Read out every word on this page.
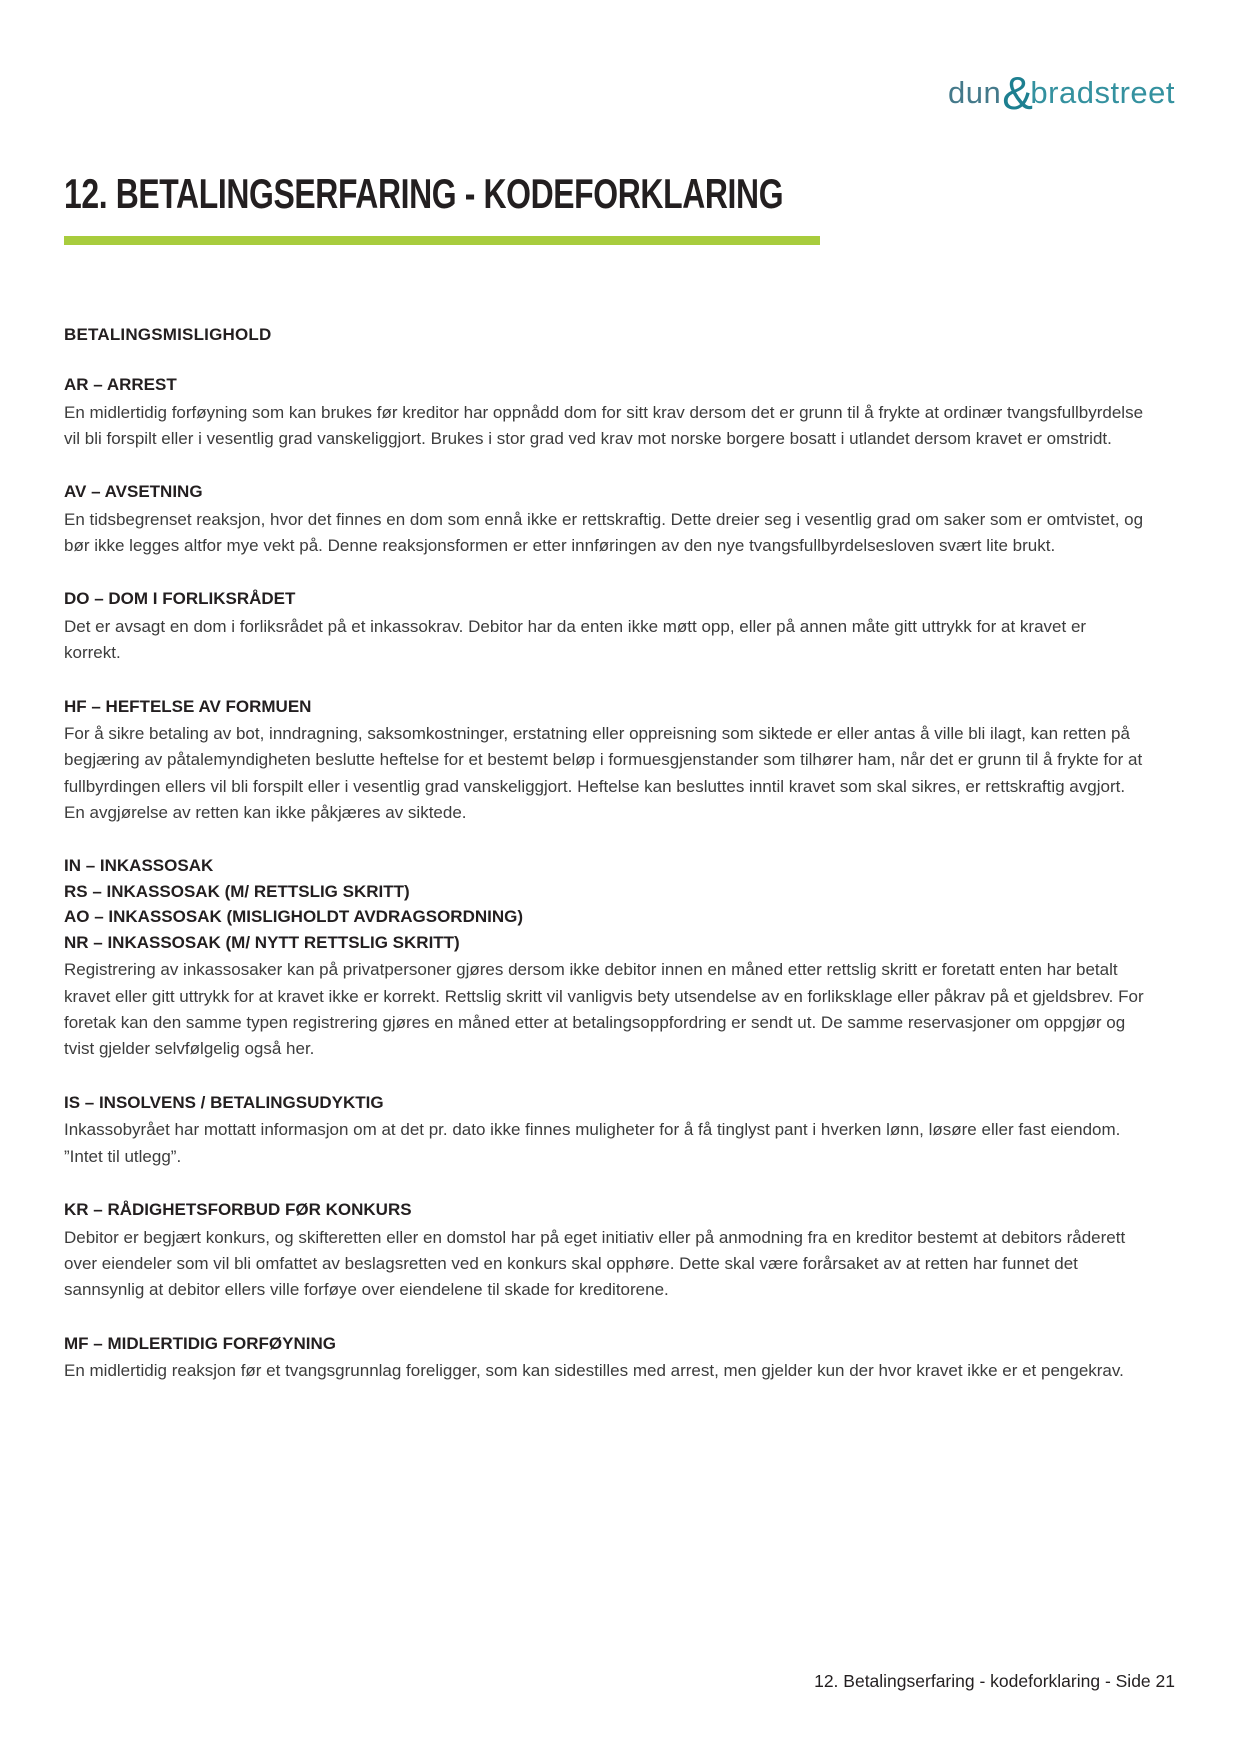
dun&bradstreet
12. BETALINGSERFARING - KODEFORKLARING
BETALINGSMISLIGHOLD
AR – ARREST

En midlertidig forføyning som kan brukes før kreditor har oppnådd dom for sitt krav dersom det er grunn til å frykte at ordinær tvangsfullbyrdelse vil bli forspilt eller i vesentlig grad vanskeliggjort. Brukes i stor grad ved krav mot norske borgere bosatt i utlandet dersom kravet er omstridt.

AV – AVSETNING

En tidsbegrenset reaksjon, hvor det finnes en dom som ennå ikke er rettskraftig. Dette dreier seg i vesentlig grad om saker som er omtvistet, og bør ikke legges altfor mye vekt på. Denne reaksjonsformen er etter innføringen av den nye tvangsfullbyrdelsesloven svært lite brukt.

DO – DOM I FORLIKSRÅDET

Det er avsagt en dom i forliksrådet på et inkassokrav. Debitor har da enten ikke møtt opp, eller på annen måte gitt uttrykk for at kravet er korrekt.

HF – HEFTELSE AV FORMUEN

For å sikre betaling av bot, inndragning, saksomkostninger, erstatning eller oppreisning som siktede er eller antas å ville bli ilagt, kan retten på begjæring av påtalemyndigheten beslutte heftelse for et bestemt beløp i formuesgjenstander som tilhører ham, når det er grunn til å frykte for at fullbyrdingen ellers vil bli forspilt eller i vesentlig grad vanskeliggjort. Heftelse kan besluttes inntil kravet som skal sikres, er rettskraftig avgjort. En avgjørelse av retten kan ikke påkjæres av siktede.

IN – INKASSOSAK
RS – INKASSOSAK (M/ RETTSLIG SKRITT)
AO – INKASSOSAK (MISLIGHOLDT AVDRAGSORDNING)
NR – INKASSOSAK (M/ NYTT RETTSLIG SKRITT)

Registrering av inkassosaker kan på privatpersoner gjøres dersom ikke debitor innen en måned etter rettslig skritt er foretatt enten har betalt kravet eller gitt uttrykk for at kravet ikke er korrekt. Rettslig skritt vil vanligvis bety utsendelse av en forliksklage eller påkrav på et gjeldsbrev. For foretak kan den samme typen registrering gjøres en måned etter at betalingsoppfordring er sendt ut. De samme reservasjoner om oppgjør og tvist gjelder selvfølgelig også her.

IS – INSOLVENS / BETALINGSUDYKTIG

Inkassobyrået har mottatt informasjon om at det pr. dato ikke finnes muligheter for å få tinglyst pant i hverken lønn, løsøre eller fast eiendom. ”Intet til utlegg”.

KR – RÅDIGHETSFORBUD FØR KONKURS

Debitor er begjært konkurs, og skifteretten eller en domstol har på eget initiativ eller på anmodning fra en kreditor bestemt at debitors råderett over eiendeler som vil bli omfattet av beslagsretten ved en konkurs skal opphøre. Dette skal være forårsaket av at retten har funnet det sannsynlig at debitor ellers ville forføye over eiendelene til skade for kreditorene.

MF – MIDLERTIDIG FORFØYNING

En midlertidig reaksjon før et tvangsgrunnlag foreligger, som kan sidestilles med arrest, men gjelder kun der hvor kravet ikke er et pengekrav.

12. Betalingserfaring - kodeforklaring - Side 21
